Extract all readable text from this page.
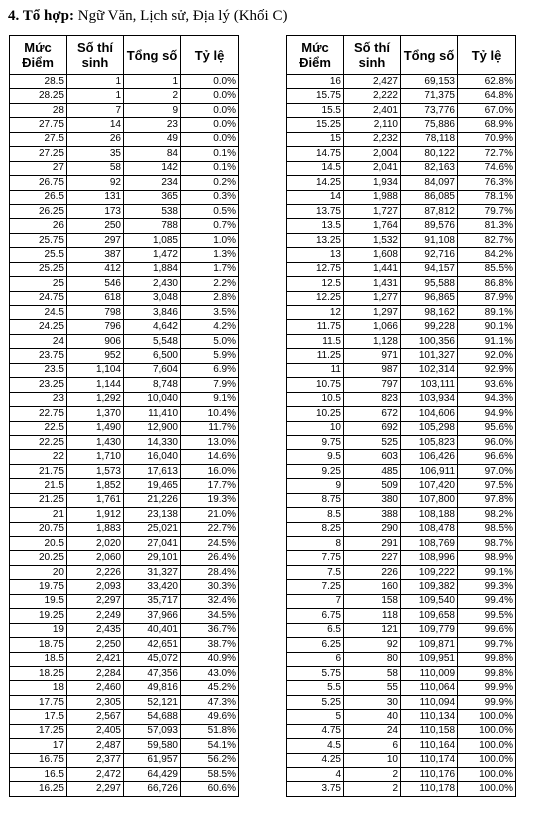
4. Tổ hợp: Ngữ Văn, Lịch sử, Địa lý (Khối C)
Mức Điểm	Số thí sinh	Tổng số	Tỷ lệ
28.5	1	1	0.0%
28.25	1	2	0.0%
28	7	9	0.0%
27.75	14	23	0.0%
27.5	26	49	0.0%
27.25	35	84	0.1%
27	58	142	0.1%
26.75	92	234	0.2%
26.5	131	365	0.3%
26.25	173	538	0.5%
26	250	788	0.7%
25.75	297	1,085	1.0%
25.5	387	1,472	1.3%
25.25	412	1,884	1.7%
25	546	2,430	2.2%
24.75	618	3,048	2.8%
24.5	798	3,846	3.5%
24.25	796	4,642	4.2%
24	906	5,548	5.0%
23.75	952	6,500	5.9%
23.5	1,104	7,604	6.9%
23.25	1,144	8,748	7.9%
23	1,292	10,040	9.1%
22.75	1,370	11,410	10.4%
22.5	1,490	12,900	11.7%
22.25	1,430	14,330	13.0%
22	1,710	16,040	14.6%
21.75	1,573	17,613	16.0%
21.5	1,852	19,465	17.7%
21.25	1,761	21,226	19.3%
21	1,912	23,138	21.0%
20.75	1,883	25,021	22.7%
20.5	2,020	27,041	24.5%
20.25	2,060	29,101	26.4%
20	2,226	31,327	28.4%
19.75	2,093	33,420	30.3%
19.5	2,297	35,717	32.4%
19.25	2,249	37,966	34.5%
19	2,435	40,401	36.7%
18.75	2,250	42,651	38.7%
18.5	2,421	45,072	40.9%
18.25	2,284	47,356	43.0%
18	2,460	49,816	45.2%
17.75	2,305	52,121	47.3%
17.5	2,567	54,688	49.6%
17.25	2,405	57,093	51.8%
17	2,487	59,580	54.1%
16.75	2,377	61,957	56.2%
16.5	2,472	64,429	58.5%
16.25	2,297	66,726	60.6%
Mức Điểm	Số thí sinh	Tổng số	Tỷ lệ
16	2,427	69,153	62.8%
15.75	2,222	71,375	64.8%
15.5	2,401	73,776	67.0%
15.25	2,110	75,886	68.9%
15	2,232	78,118	70.9%
14.75	2,004	80,122	72.7%
14.5	2,041	82,163	74.6%
14.25	1,934	84,097	76.3%
14	1,988	86,085	78.1%
13.75	1,727	87,812	79.7%
13.5	1,764	89,576	81.3%
13.25	1,532	91,108	82.7%
13	1,608	92,716	84.2%
12.75	1,441	94,157	85.5%
12.5	1,431	95,588	86.8%
12.25	1,277	96,865	87.9%
12	1,297	98,162	89.1%
11.75	1,066	99,228	90.1%
11.5	1,128	100,356	91.1%
11.25	971	101,327	92.0%
11	987	102,314	92.9%
10.75	797	103,111	93.6%
10.5	823	103,934	94.3%
10.25	672	104,606	94.9%
10	692	105,298	95.6%
9.75	525	105,823	96.0%
9.5	603	106,426	96.6%
9.25	485	106,911	97.0%
9	509	107,420	97.5%
8.75	380	107,800	97.8%
8.5	388	108,188	98.2%
8.25	290	108,478	98.5%
8	291	108,769	98.7%
7.75	227	108,996	98.9%
7.5	226	109,222	99.1%
7.25	160	109,382	99.3%
7	158	109,540	99.4%
6.75	118	109,658	99.5%
6.5	121	109,779	99.6%
6.25	92	109,871	99.7%
6	80	109,951	99.8%
5.75	58	110,009	99.8%
5.5	55	110,064	99.9%
5.25	30	110,094	99.9%
5	40	110,134	100.0%
4.75	24	110,158	100.0%
4.5	6	110,164	100.0%
4.25	10	110,174	100.0%
4	2	110,176	100.0%
3.75	2	110,178	100.0%
